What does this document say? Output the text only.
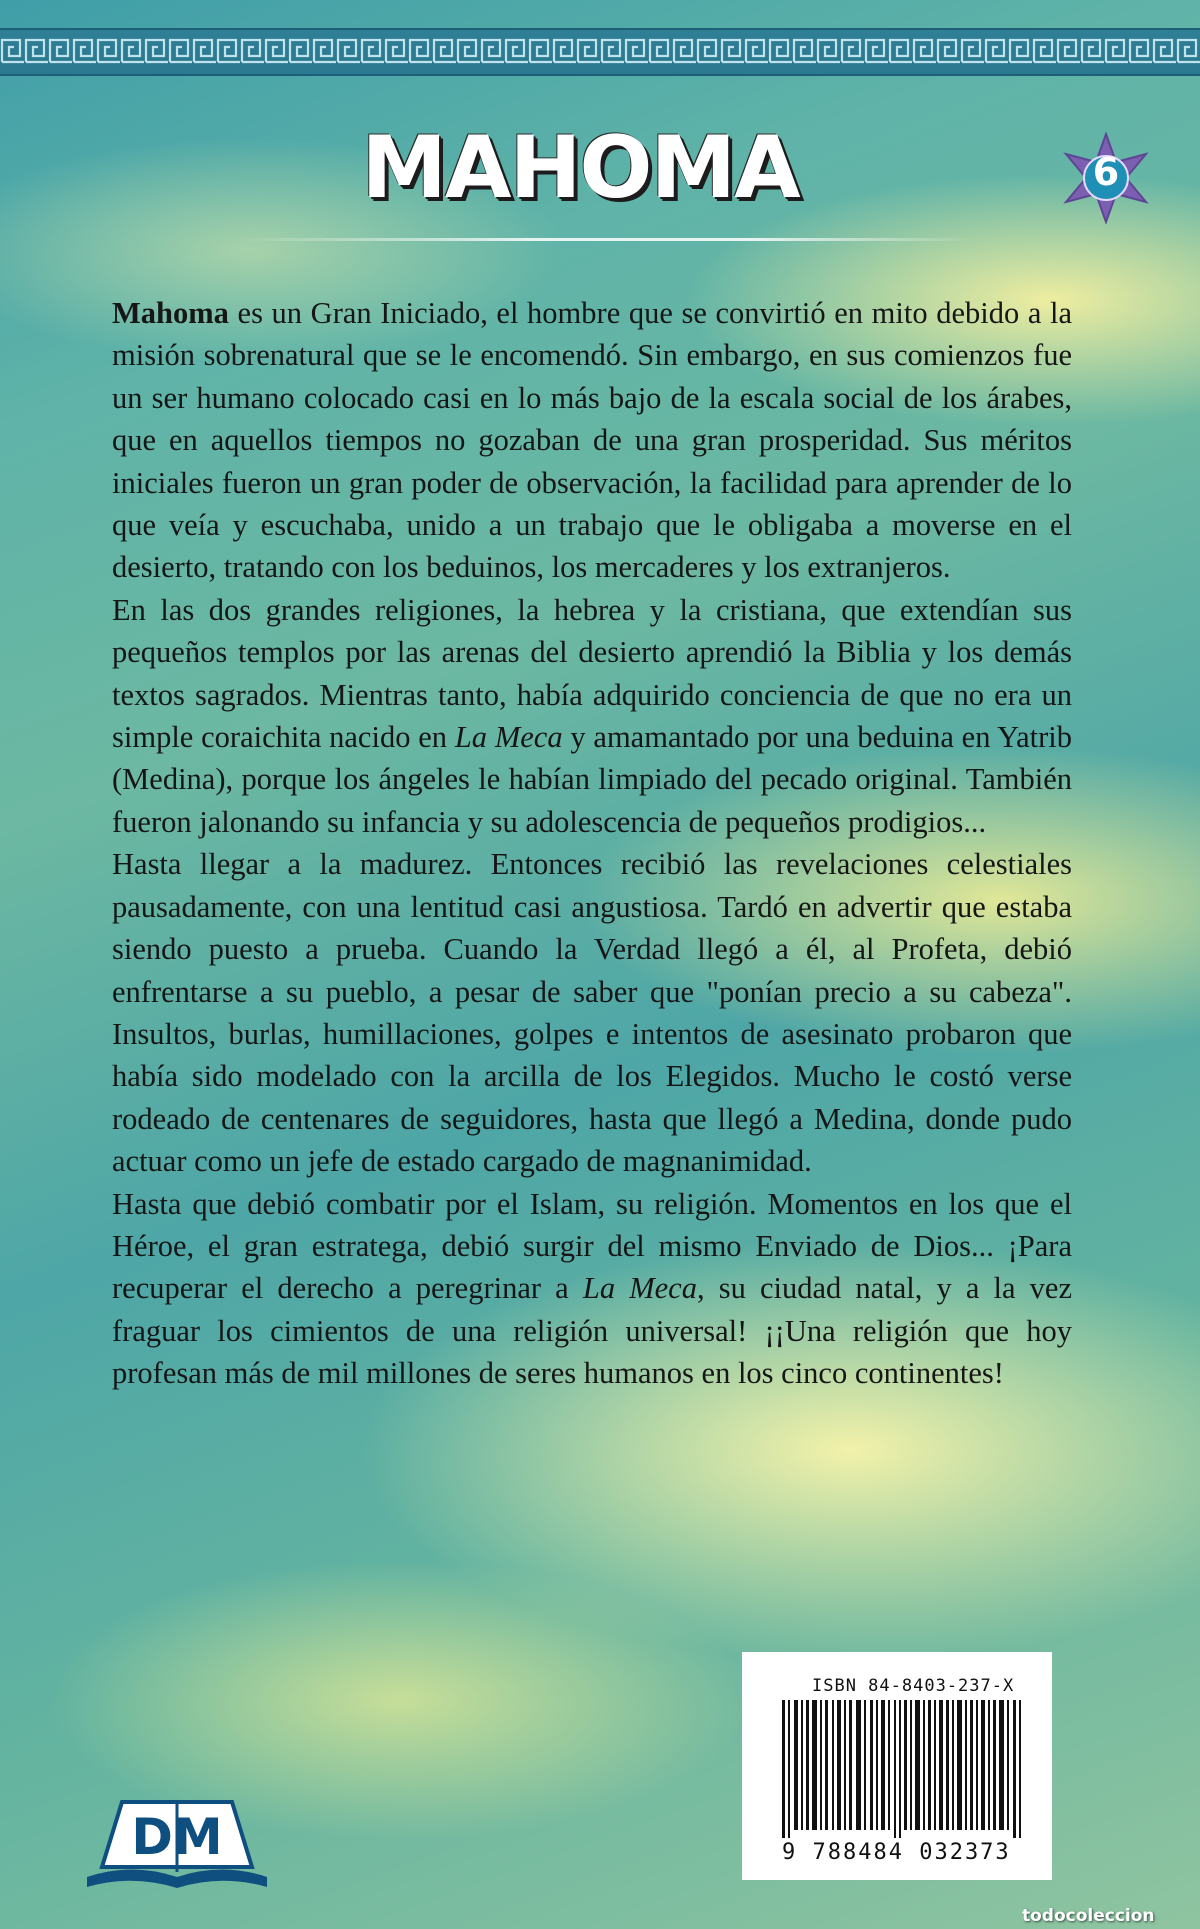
MAHOMA	6

Mahoma es un Gran Iniciado, el hombre que se convirtió en mito debido a la misión sobrenatural que se le encomendó. Sin embargo, en sus comienzos fue un ser humano colocado casi en lo más bajo de la escala social de los árabes, que en aquellos tiempos no gozaban de una gran prosperidad. Sus méritos iniciales fueron un gran poder de observación, la facilidad para aprender de lo que veía y escuchaba, unido a un trabajo que le obligaba a moverse en el desierto, tratando con los beduinos, los mercaderes y los extranjeros.

En las dos grandes religiones, la hebrea y la cristiana, que extendían sus pequeños templos por las arenas del desierto aprendió la Biblia y los demás textos sagrados. Mientras tanto, había adquirido conciencia de que no era un simple coraichita nacido en La Meca y amamantado por una beduina en Yatrib (Medina), porque los ángeles le habían limpiado del pecado original. También fueron jalonando su infancia y su adolescencia de pequeños prodigios...

Hasta llegar a la madurez. Entonces recibió las revelaciones celestiales pausadamente, con una lentitud casi angustiosa. Tardó en advertir que estaba siendo puesto a prueba. Cuando la Verdad llegó a él, al Profeta, debió enfrentarse a su pueblo, a pesar de saber que "ponían precio a su cabeza". Insultos, burlas, humillaciones, golpes e intentos de asesinato probaron que había sido modelado con la arcilla de los Elegidos. Mucho le costó verse rodeado de centenares de seguidores, hasta que llegó a Medina, donde pudo actuar como un jefe de estado cargado de magnanimidad.

Hasta que debió combatir por el Islam, su religión. Momentos en los que el Héroe, el gran estratega, debió surgir del mismo Enviado de Dios... ¡Para recuperar el derecho a peregrinar a La Meca, su ciudad natal, y a la vez fraguar los cimientos de una religión universal! ¡¡Una religión que hoy profesan más de mil millones de seres humanos en los cinco continentes!

ISBN 84-8403-237-X
9 788484 032373
DM
todocoleccion
